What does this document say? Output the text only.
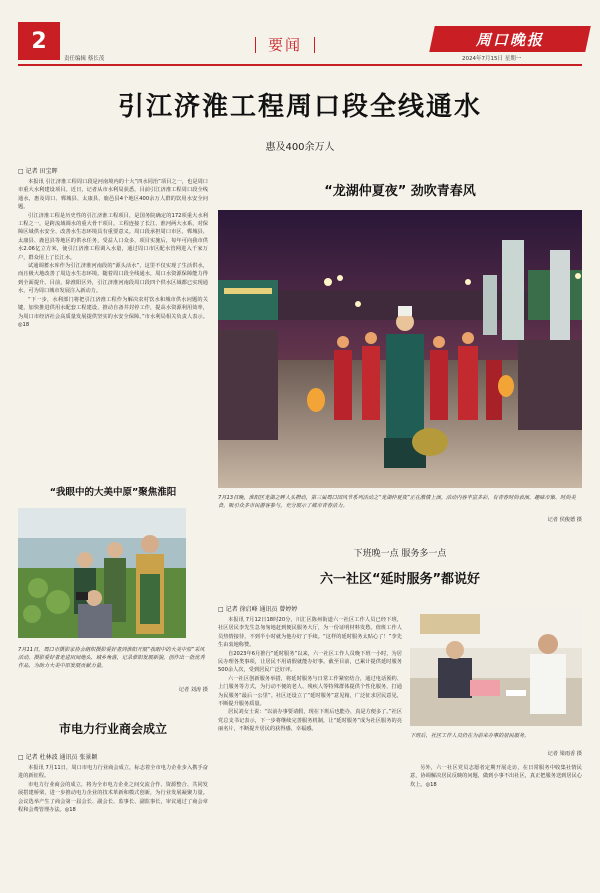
2
责任编辑 蔡长茂
要闻	周口晚报
2024年7月15日 星期一
引江济淮工程周口段全线通水
惠及400余万人
□ 记者 田宝晖

本报讯 引江济淮工程周口段是河南境内的十大“四水同治”项目之一，也是周口市重大水利建设项目。近日，记者从市水利局获悉，目前引江济淮工程周口段全线通水，惠及周口、郸城县、太康县、鹿邑县4个地区400余万人群的饮用水安全问题。

引江济淮工程是历史性的引江济淮工程项目，是国务院确定的172项重大水利工程之一，是跨流域调水的重大骨干项目。工程连接了长江、淮河两大水系，对保障区域供水安全、改善水生态环境具有重要意义。周口段承担周口市区、郸城县、太康县、鹿邑县等地区的供水任务，受益人口众多，项目实施后，每年可向我市供水2.06亿立方米，使引江济淮工程调入水量，通过周口市区配水管网进入千家万户，群众用上了长江水。

试通调蓄水库作为引江济淮河南段的“源头活水”，这里不仅实现了生活供水，而且极大地改善了周边水生态环境。随着周口段全线通水，周口水资源保障能力得到全面提升。目前，除淮阳区外，引江济淮河南段周口段四个供水区域都已实现通水，可为周口城市发展注入新动力。

“下一步，水利部门将把引江济淮工程作为解决农村饮水和城市供水问题的关键，加快推进供用水配套工程建设，推动自备井封停工作，提高水资源利用效率，为周口市经济社会高质量发展提供坚实的水安全保障。”市水利局相关负责人表示。◎18

“龙湖仲夏夜” 劲吹青春风
7月13日晚，淮阳区龙湖之畔人头攒动，第三届周口国风节系列活动之“龙湖仲夏夜”正在激情上演。活动内容丰富多彩，有青春时尚表演、趣味市集、时尚美食，吸引众多市民游客参与，充分展示了城市青春活力。
记者 侯俊德 摄
“我眼中的大美中原”聚焦淮阳
7月11日，周口市摄影家协会组织摄影爱好者到淮阳开展“我眼中的大美中原”采风活动。摄影爱好者走进田间地头、城乡角落，记录淮阳发展新貌，创作出一批优秀作品，为助力大美中原发展贡献力量。
记者 刘涛 摄
市电力行业商会成立
□ 记者 杜林波 通讯员 张景颖

本报讯 7月11日，周口市电力行业商会成立，标志着全市电力企业步入携手奋进的新征程。

市电力行业商会的成立，将为全市电力企业之间交流合作、资源整合、共同发展搭建桥梁，进一步推动电力企业的技术革新和模式创新，为行业发展凝聚力量。会议选举产生了商会第一届会长、副会长、监事长、副监事长，审议通过了商会章程和会费管理办法。◎18

下班晚一点 服务多一点
六一社区“延时服务”都说好
□ 记者 徐启峰 通讯员 曾婷婷

本报讯 7月12日18时20分，川汇区陈州街道六一社区工作人员已经下班，社区居民李先生急匆匆地赶到便民服务大厅，为一份证明材料发愁。值班工作人员热情接待，不到半小时就为他办好了手续。“这样的延时服务太贴心了！”李先生由衷地称赞。

自2023年6月推行“延时服务”以来，六一社区工作人员晚下班一小时，为居民办理各类事项，让居民不用请假就能办好事。截至目前，已累计提供延时服务500余人次，受到居民广泛好评。

六一社区创新服务举措，将延时服务与日常工作紧密结合，通过电话预约、上门服务等方式，为行动不便的老人、残疾人等特殊群体提供个性化服务，打通为民服务“最后一公里”。社区还设立了“延时服务”意见箱，广泛征求居民意见，不断提升服务质量。

居民刘女士说：“以前办事要请假，现在下班后也能办，真是方便多了。”社区党总支书记表示，下一步将继续完善服务机制，让“延时服务”成为社区服务的亮丽名片，不断提升居民的获得感、幸福感。

下班后，社区工作人员仍在为前来办事的居民服务。
记者 梁雨香 摄

另外，六一社区党员志愿者定期开展走访，在日常服务中收集社情民意，协调解决居民反映的问题，做到小事不出社区，真正把服务送到居民心坎上。◎18
